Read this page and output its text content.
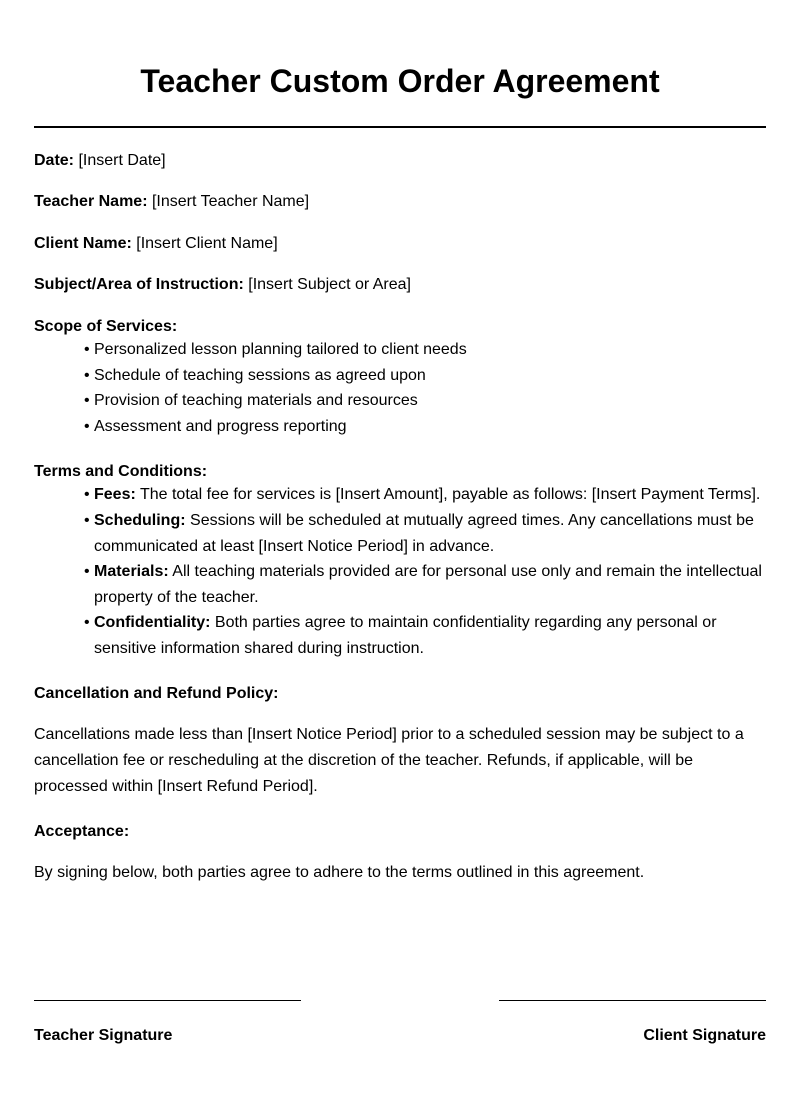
Teacher Custom Order Agreement

Date: [Insert Date]

Teacher Name: [Insert Teacher Name]

Client Name: [Insert Client Name]

Subject/Area of Instruction: [Insert Subject or Area]

Scope of Services:
• Personalized lesson planning tailored to client needs
• Schedule of teaching sessions as agreed upon
• Provision of teaching materials and resources
• Assessment and progress reporting
Terms and Conditions:
• Fees: The total fee for services is [Insert Amount], payable as follows: [Insert Payment Terms].
• Scheduling: Sessions will be scheduled at mutually agreed times. Any cancellations must be communicated at least [Insert Notice Period] in advance.
• Materials: All teaching materials provided are for personal use only and remain the intellectual property of the teacher.
• Confidentiality: Both parties agree to maintain confidentiality regarding any personal or sensitive information shared during instruction.
Cancellation and Refund Policy:

Cancellations made less than [Insert Notice Period] prior to a scheduled session may be subject to a cancellation fee or rescheduling at the discretion of the teacher. Refunds, if applicable, will be processed within [Insert Refund Period].

Acceptance:

By signing below, both parties agree to adhere to the terms outlined in this agreement.

Teacher Signature	Client Signature
